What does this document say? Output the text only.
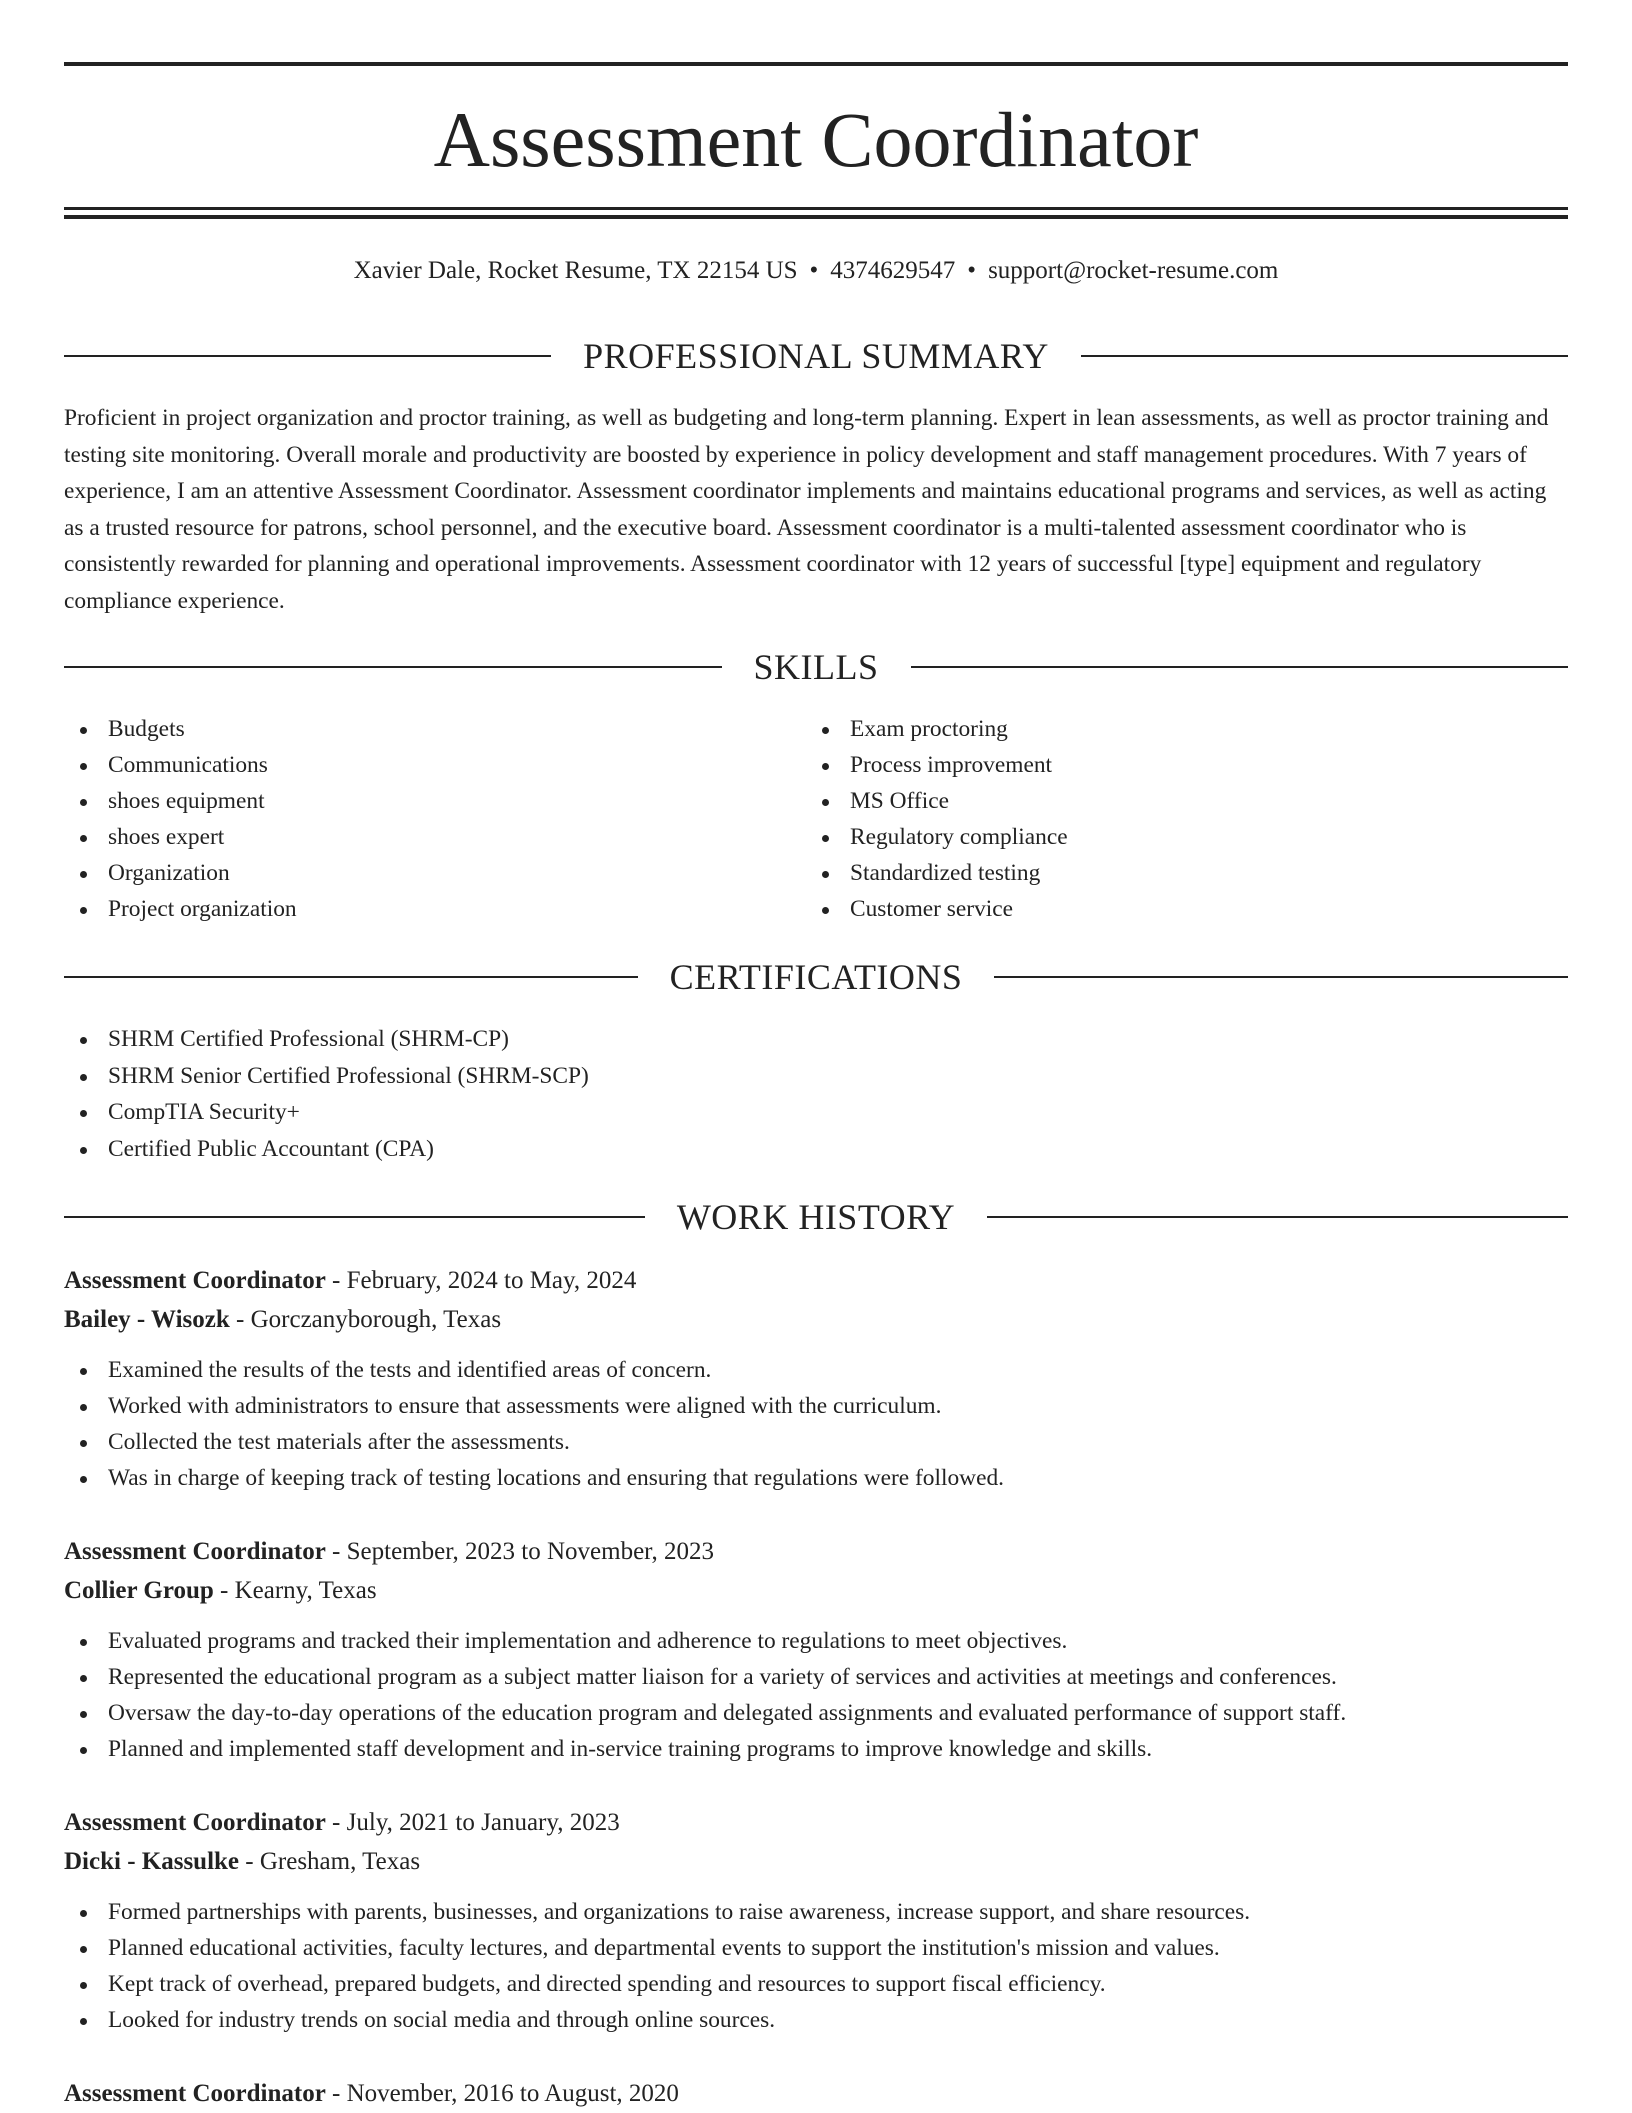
Assessment Coordinator
Xavier Dale, Rocket Resume, TX 22154 US • 4374629547 • support@rocket-resume.com
PROFESSIONAL SUMMARY

Proficient in project organization and proctor training, as well as budgeting and long-term planning. Expert in lean assessments, as well as proctor training and testing site monitoring. Overall morale and productivity are boosted by experience in policy development and staff management procedures. With 7 years of experience, I am an attentive Assessment Coordinator. Assessment coordinator implements and maintains educational programs and services, as well as acting as a trusted resource for patrons, school personnel, and the executive board. Assessment coordinator is a multi-talented assessment coordinator who is consistently rewarded for planning and operational improvements. Assessment coordinator with 12 years of successful [type] equipment and regulatory compliance experience.

SKILLS
Budgets
Communications
shoes equipment
shoes expert
Organization
Project organization
Exam proctoring
Process improvement
MS Office
Regulatory compliance
Standardized testing
Customer service
CERTIFICATIONS
SHRM Certified Professional (SHRM-CP)
SHRM Senior Certified Professional (SHRM-SCP)
CompTIA Security+
Certified Public Accountant (CPA)
WORK HISTORY
Assessment Coordinator - February, 2024 to May, 2024
Bailey - Wisozk - Gorczanyborough, Texas
Examined the results of the tests and identified areas of concern.
Worked with administrators to ensure that assessments were aligned with the curriculum.
Collected the test materials after the assessments.
Was in charge of keeping track of testing locations and ensuring that regulations were followed.
Assessment Coordinator - September, 2023 to November, 2023
Collier Group - Kearny, Texas
Evaluated programs and tracked their implementation and adherence to regulations to meet objectives.
Represented the educational program as a subject matter liaison for a variety of services and activities at meetings and conferences.
Oversaw the day-to-day operations of the education program and delegated assignments and evaluated performance of support staff.
Planned and implemented staff development and in-service training programs to improve knowledge and skills.
Assessment Coordinator - July, 2021 to January, 2023
Dicki - Kassulke - Gresham, Texas
Formed partnerships with parents, businesses, and organizations to raise awareness, increase support, and share resources.
Planned educational activities, faculty lectures, and departmental events to support the institution's mission and values.
Kept track of overhead, prepared budgets, and directed spending and resources to support fiscal efficiency.
Looked for industry trends on social media and through online sources.
Assessment Coordinator - November, 2016 to August, 2020
